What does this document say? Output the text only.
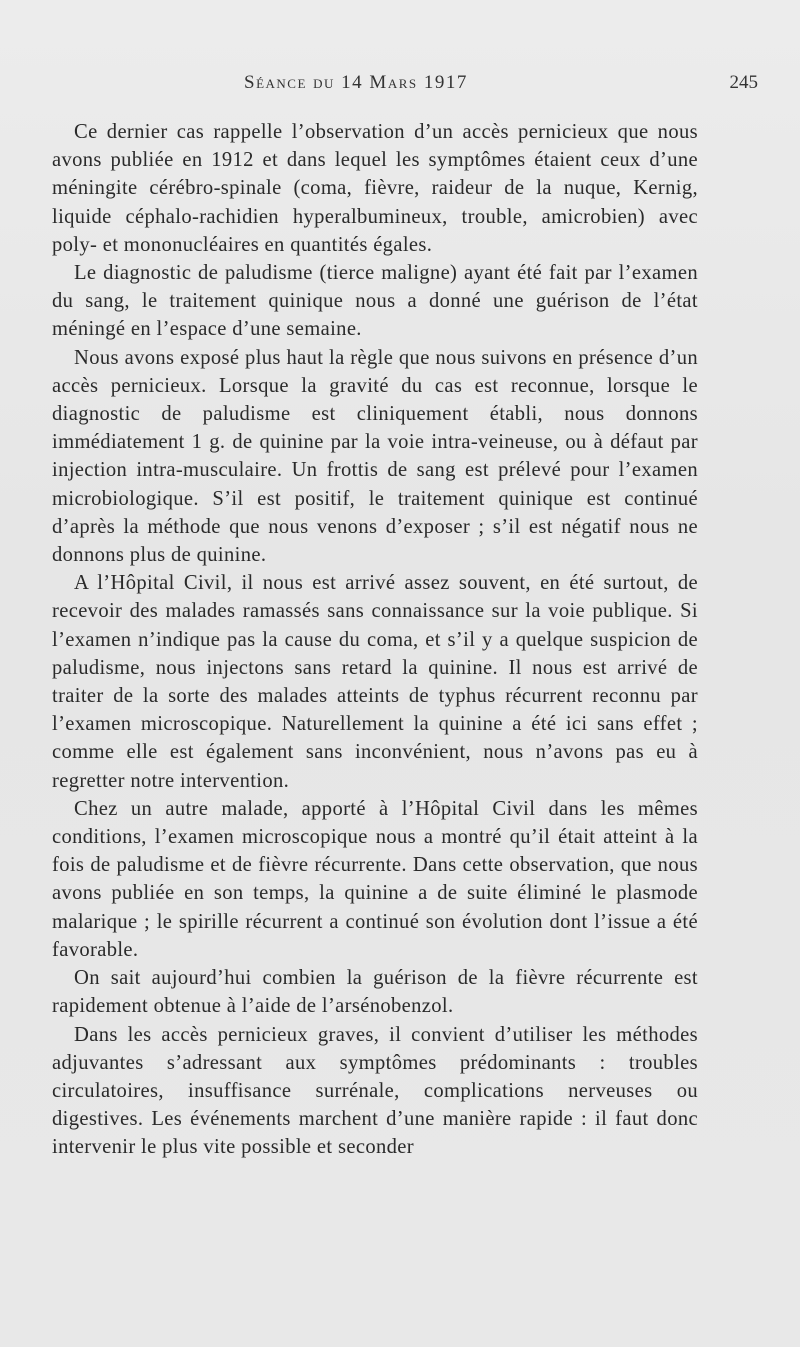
Séance du 14 Mars 1917	245

Ce dernier cas rappelle l’observation d’un accès pernicieux que nous avons publiée en 1912 et dans lequel les symptômes étaient ceux d’une méningite cérébro-spinale (coma, fièvre, raideur de la nuque, Kernig, liquide céphalo-rachidien hyperalbumineux, trouble, amicrobien) avec poly- et mononucléaires en quantités égales.

Le diagnostic de paludisme (tierce maligne) ayant été fait par l’examen du sang, le traitement quinique nous a donné une guérison de l’état méningé en l’espace d’une semaine.

Nous avons exposé plus haut la règle que nous suivons en présence d’un accès pernicieux. Lorsque la gravité du cas est reconnue, lorsque le diagnostic de paludisme est cliniquement établi, nous donnons immédiatement 1 g. de quinine par la voie intra-veineuse, ou à défaut par injection intra-musculaire. Un frottis de sang est prélevé pour l’examen microbiologique. S’il est positif, le traitement quinique est continué d’après la méthode que nous venons d’exposer ; s’il est négatif nous ne donnons plus de quinine.

A l’Hôpital Civil, il nous est arrivé assez souvent, en été surtout, de recevoir des malades ramassés sans connaissance sur la voie publique. Si l’examen n’indique pas la cause du coma, et s’il y a quelque suspicion de paludisme, nous injectons sans retard la quinine. Il nous est arrivé de traiter de la sorte des malades atteints de typhus récurrent reconnu par l’examen microscopique. Naturellement la quinine a été ici sans effet ; comme elle est également sans inconvénient, nous n’avons pas eu à regretter notre intervention.

Chez un autre malade, apporté à l’Hôpital Civil dans les mêmes conditions, l’examen microscopique nous a montré qu’il était atteint à la fois de paludisme et de fièvre récurrente. Dans cette observation, que nous avons publiée en son temps, la quinine a de suite éliminé le plasmode malarique ; le spirille récurrent a continué son évolution dont l’issue a été favorable.

On sait aujourd’hui combien la guérison de la fièvre récurrente est rapidement obtenue à l’aide de l’arsénobenzol.

Dans les accès pernicieux graves, il convient d’utiliser les méthodes adjuvantes s’adressant aux symptômes prédominants : troubles circulatoires, insuffisance surrénale, complications nerveuses ou digestives. Les événements marchent d’une manière rapide : il faut donc intervenir le plus vite possible et seconder
